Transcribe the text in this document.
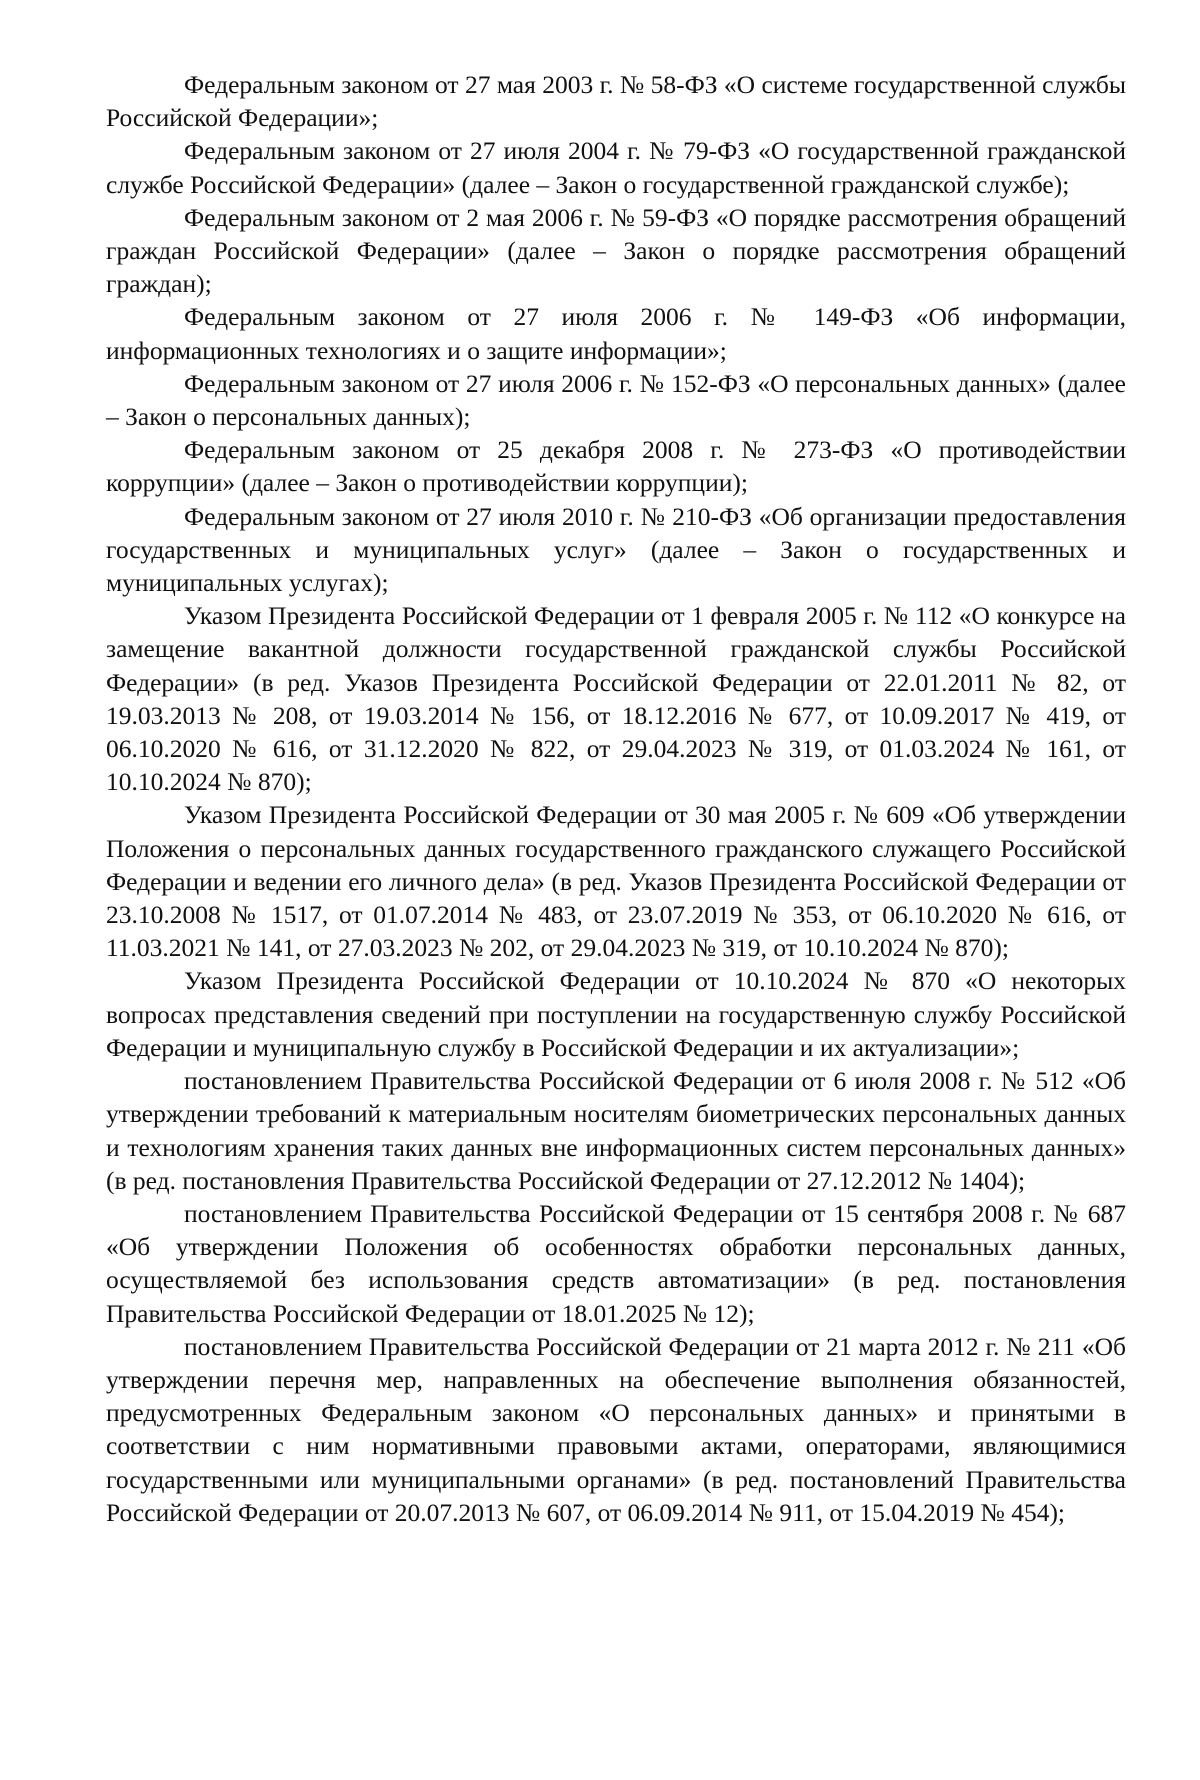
Федеральным законом от 27 мая 2003 г. № 58-ФЗ «О системе государственной службы Российской Федерации»;

Федеральным законом от 27 июля 2004 г. № 79-ФЗ «О государственной гражданской службе Российской Федерации» (далее – Закон о государственной гражданской службе);

Федеральным законом от 2 мая 2006 г. № 59-ФЗ «О порядке рассмотрения обращений граждан Российской Федерации» (далее – Закон о порядке рассмотрения обращений граждан);

Федеральным законом от 27 июля 2006 г. № 149-ФЗ «Об информации, информационных технологиях и о защите информации»;

Федеральным законом от 27 июля 2006 г. № 152-ФЗ «О персональных данных» (далее – Закон о персональных данных);

Федеральным законом от 25 декабря 2008 г. № 273-ФЗ «О противодействии коррупции» (далее – Закон о противодействии коррупции);

Федеральным законом от 27 июля 2010 г. № 210-ФЗ «Об организации предоставления государственных и муниципальных услуг» (далее – Закон о государственных и муниципальных услугах);

Указом Президента Российской Федерации от 1 февраля 2005 г. № 112 «О конкурсе на замещение вакантной должности государственной гражданской службы Российской Федерации» (в ред. Указов Президента Российской Федерации от 22.01.2011 № 82, от 19.03.2013 № 208, от 19.03.2014 № 156, от 18.12.2016 № 677, от 10.09.2017 № 419, от 06.10.2020 № 616, от 31.12.2020 № 822, от 29.04.2023 № 319, от 01.03.2024 № 161, от 10.10.2024 № 870);

Указом Президента Российской Федерации от 30 мая 2005 г. № 609 «Об утверждении Положения о персональных данных государственного гражданского служащего Российской Федерации и ведении его личного дела» (в ред. Указов Президента Российской Федерации от 23.10.2008 № 1517, от 01.07.2014 № 483, от 23.07.2019 № 353, от 06.10.2020 № 616, от 11.03.2021 № 141, от 27.03.2023 № 202, от 29.04.2023 № 319, от 10.10.2024 № 870);

Указом Президента Российской Федерации от 10.10.2024 № 870 «О некоторых вопросах представления сведений при поступлении на государственную службу Российской Федерации и муниципальную службу в Российской Федерации и их актуализации»;

постановлением Правительства Российской Федерации от 6 июля 2008 г. № 512 «Об утверждении требований к материальным носителям биометрических персональных данных и технологиям хранения таких данных вне информационных систем персональных данных» (в ред. постановления Правительства Российской Федерации от 27.12.2012 № 1404);

постановлением Правительства Российской Федерации от 15 сентября 2008 г. № 687 «Об утверждении Положения об особенностях обработки персональных данных, осуществляемой без использования средств автоматизации» (в ред. постановления Правительства Российской Федерации от 18.01.2025 № 12);

постановлением Правительства Российской Федерации от 21 марта 2012 г. № 211 «Об утверждении перечня мер, направленных на обеспечение выполнения обязанностей, предусмотренных Федеральным законом «О персональных данных» и принятыми в соответствии с ним нормативными правовыми актами, операторами, являющимися государственными или муниципальными органами» (в ред. постановлений Правительства Российской Федерации от 20.07.2013 № 607, от 06.09.2014 № 911, от 15.04.2019 № 454);
